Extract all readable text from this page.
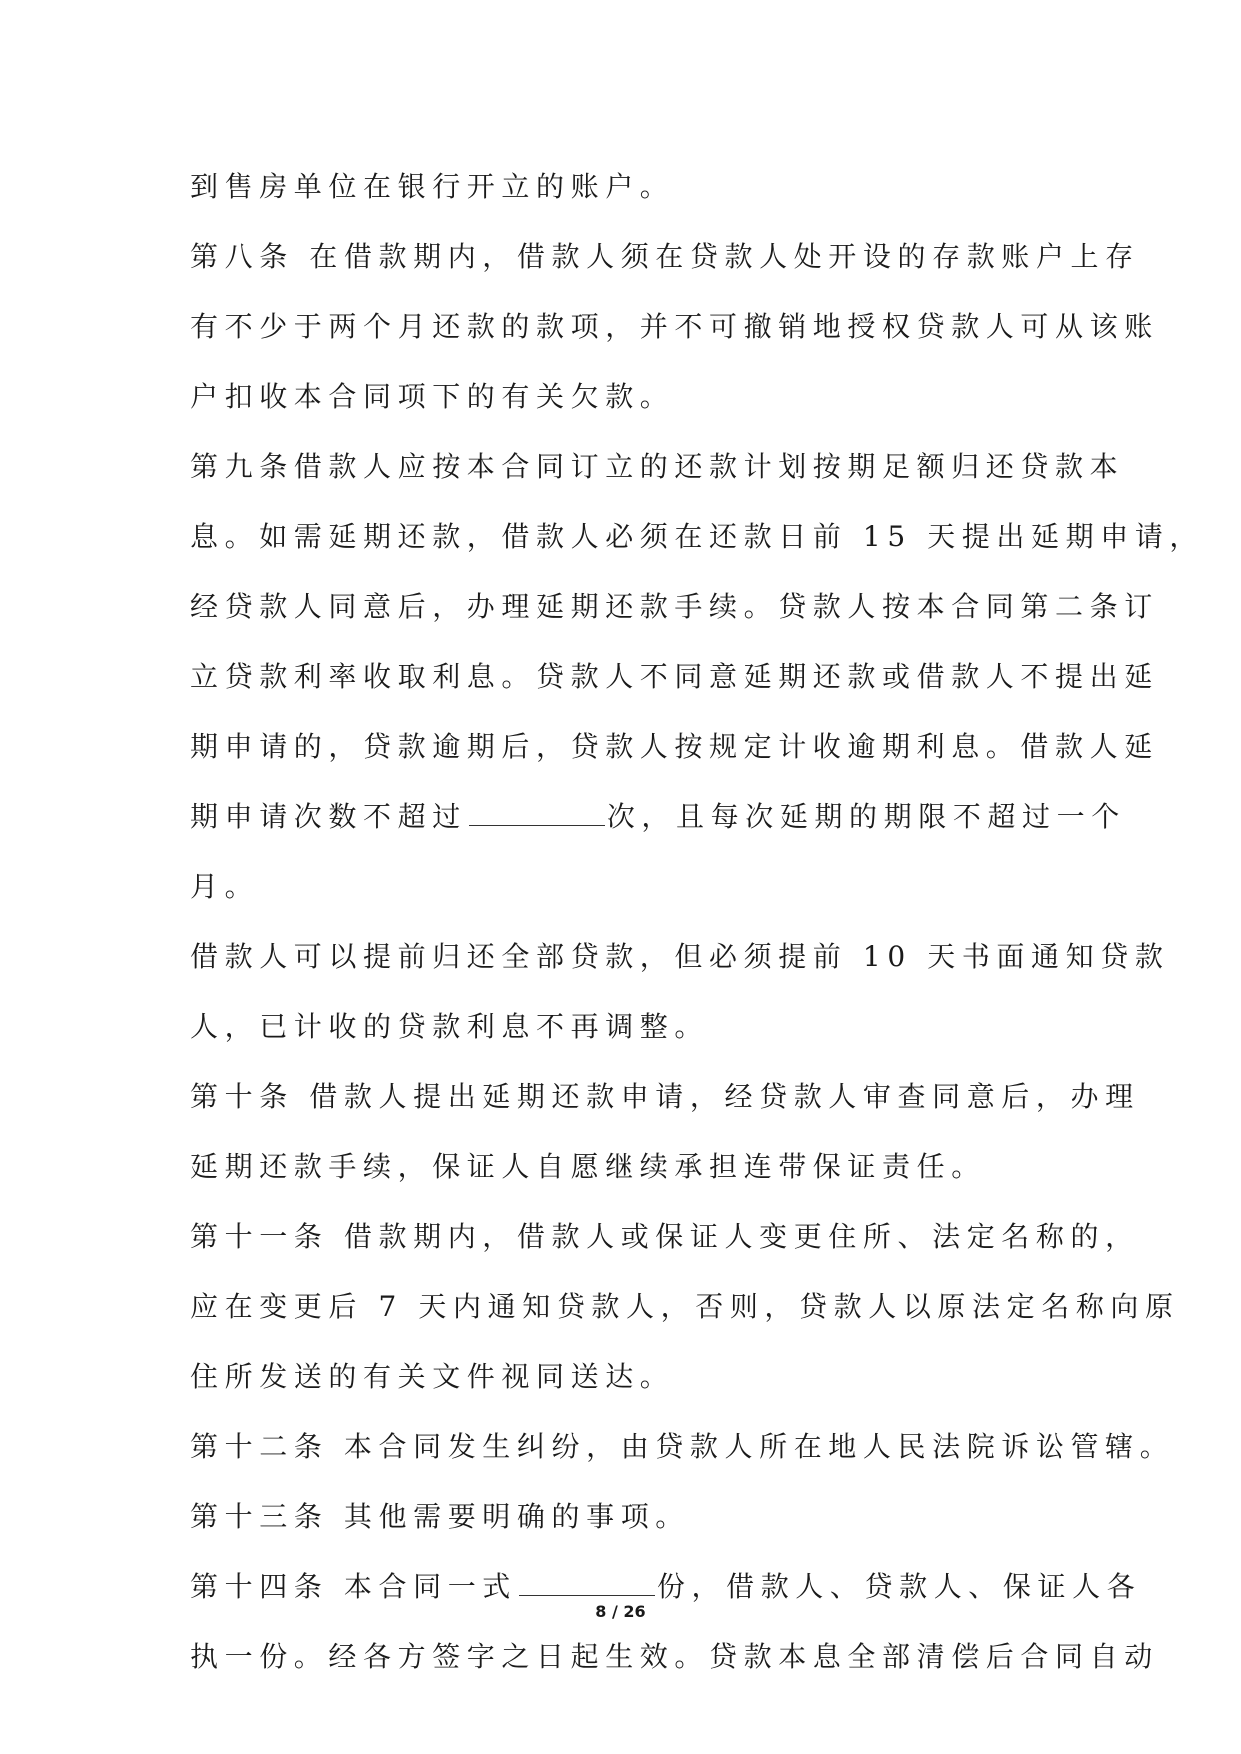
到售房单位在银行开立的账户。
第八条 在借款期内，借款人须在贷款人处开设的存款账户上存
有不少于两个月还款的款项，并不可撤销地授权贷款人可从该账
户扣收本合同项下的有关欠款。
第九条借款人应按本合同订立的还款计划按期足额归还贷款本
息。如需延期还款，借款人必须在还款日前 15 天提出延期申请，
经贷款人同意后，办理延期还款手续。贷款人按本合同第二条订
立贷款利率收取利息。贷款人不同意延期还款或借款人不提出延
期申请的，贷款逾期后，贷款人按规定计收逾期利息。借款人延
期申请次数不超过	次，且每次延期的期限不超过一个
月。
借款人可以提前归还全部贷款，但必须提前 10 天书面通知贷款
人，已计收的贷款利息不再调整。
第十条 借款人提出延期还款申请，经贷款人审查同意后，办理
延期还款手续，保证人自愿继续承担连带保证责任。
第十一条 借款期内，借款人或保证人变更住所、法定名称的，
应在变更后 7 天内通知贷款人，否则，贷款人以原法定名称向原
住所发送的有关文件视同送达。
第十二条 本合同发生纠纷，由贷款人所在地人民法院诉讼管辖。
第十三条 其他需要明确的事项。
第十四条 本合同一式	份，借款人、贷款人、保证人各
执一份。经各方签字之日起生效。贷款本息全部清偿后合同自动
8 / 26
